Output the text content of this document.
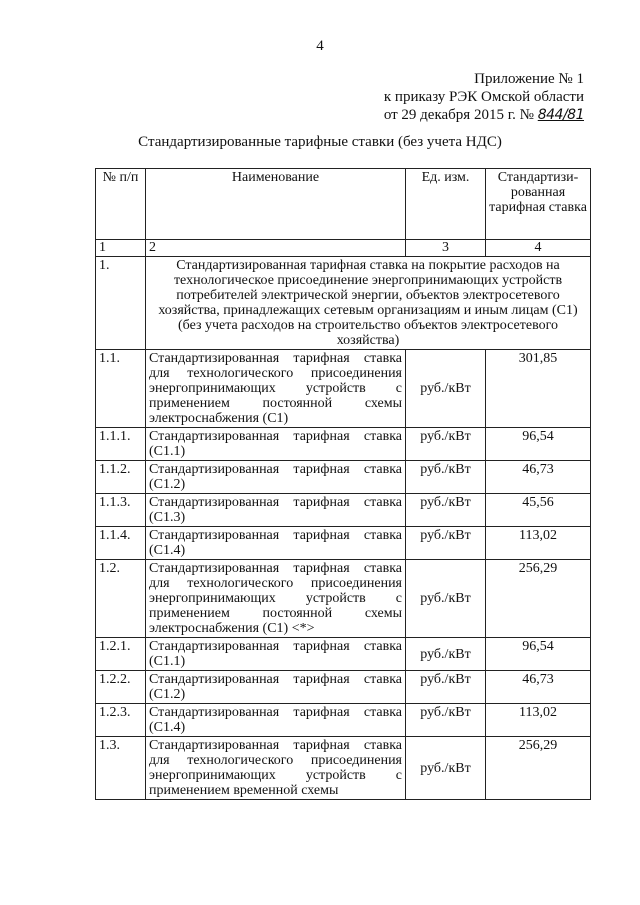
4
Приложение № 1
к приказу РЭК Омской области
от 29 декабря 2015 г. № 844/81
Стандартизированные тарифные ставки (без учета НДС)
№ п/п	Наименование	Ед. изм.	Стандартизи- рованная тарифная ставка
1	2	3	4
1.	Стандартизированная тарифная ставка на покрытие расходов на технологическое присоединение энергопринимающих устройств потребителей электрической энергии, объектов электросетевого хозяйства, принадлежащих сетевым организациям и иным лицам (С1) (без учета расходов на строительство объектов электросетевого хозяйства)		
1.1.	Стандартизированная тарифная ставка для технологического присоединения энергопринимающих устройств с применением постоянной схемы электроснабжения (С1)	руб./кВт	301,85
1.1.1.	Стандартизированная тарифная ставка (С1.1)	руб./кВт	96,54
1.1.2.	Стандартизированная тарифная ставка (С1.2)	руб./кВт	46,73
1.1.3.	Стандартизированная тарифная ставка (С1.3)	руб./кВт	45,56
1.1.4.	Стандартизированная тарифная ставка (С1.4)	руб./кВт	113,02
1.2.	Стандартизированная тарифная ставка для технологического присоединения энергопринимающих устройств с применением постоянной схемы электроснабжения (С1) <*>	руб./кВт	256,29
1.2.1.	Стандартизированная тарифная ставка (С1.1)	руб./кВт	96,54
1.2.2.	Стандартизированная тарифная ставка (С1.2)	руб./кВт	46,73
1.2.3.	Стандартизированная тарифная ставка (С1.4)	руб./кВт	113,02
1.3.	Стандартизированная тарифная ставка для технологического присоединения энергопринимающих устройств с применением временной схемы	руб./кВт	256,29
